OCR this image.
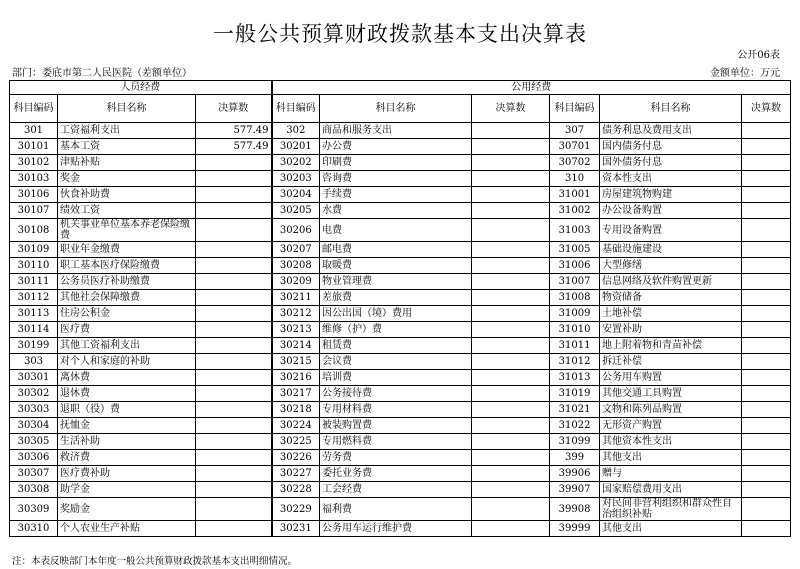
一般公共预算财政拨款基本支出决算表
公开06表
部门：娄底市第二人民医院（差额单位）	金额单位：万元
人员经费			公用经费					
科目编码	科目名称	决算数	科目编码	科目名称	决算数	科目编码	科目名称	决算数
301	工资福利支出	577.49	302	商品和服务支出		307	债务利息及费用支出	
30101	基本工资	577.49	30201	办公费		30701	国内债务付息	
30102	津贴补贴		30202	印刷费		30702	国外债务付息	
30103	奖金		30203	咨询费		310	资本性支出	
30106	伙食补助费		30204	手续费		31001	房屋建筑物购建	
30107	绩效工资		30205	水费		31002	办公设备购置	
30108	机关事业单位基本养老保险缴费		30206	电费		31003	专用设备购置	
30109	职业年金缴费		30207	邮电费		31005	基础设施建设	
30110	职工基本医疗保险缴费		30208	取暖费		31006	大型修缮	
30111	公务员医疗补助缴费		30209	物业管理费		31007	信息网络及软件购置更新	
30112	其他社会保障缴费		30211	差旅费		31008	物资储备	
30113	住房公积金		30212	因公出国（境）费用		31009	土地补偿	
30114	医疗费		30213	维修（护）费		31010	安置补助	
30199	其他工资福利支出		30214	租赁费		31011	地上附着物和青苗补偿	
303	对个人和家庭的补助		30215	会议费		31012	拆迁补偿	
30301	离休费		30216	培训费		31013	公务用车购置	
30302	退休费		30217	公务接待费		31019	其他交通工具购置	
30303	退职（役）费		30218	专用材料费		31021	文物和陈列品购置	
30304	抚恤金		30224	被装购置费		31022	无形资产购置	
30305	生活补助		30225	专用燃料费		31099	其他资本性支出	
30306	救济费		30226	劳务费		399	其他支出	
30307	医疗费补助		30227	委托业务费		39906	赠与	
30308	助学金		30228	工会经费		39907	国家赔偿费用支出	
30309	奖励金		30229	福利费		39908	对民间非营利组织和群众性自治组织补贴	
30310	个人农业生产补贴		30231	公务用车运行维护费		39999	其他支出	
注：本表反映部门本年度一般公共预算财政拨款基本支出明细情况。
